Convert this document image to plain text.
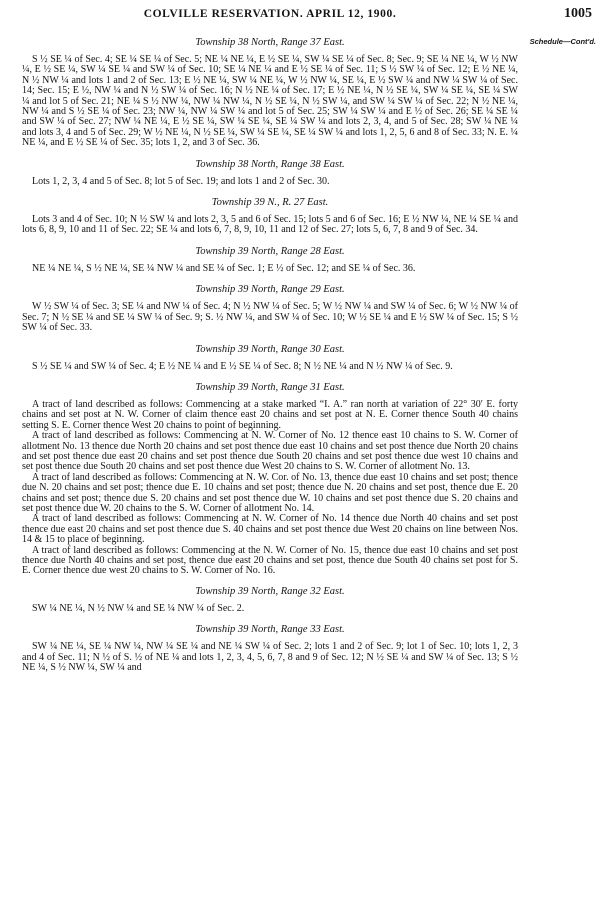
COLVILLE RESERVATION. APRIL 12, 1900.	1005
Schedule—Cont'd.
Township 38 North, Range 37 East.

S ½ SE ¼ of Sec. 4; SE ¼ SE ¼ of Sec. 5; NE ¼ NE ¼, E ½ SE ¼, SW ¼ SE ¼ of Sec. 8; Sec. 9; SE ¼ NE ¼, W ½ NW ¼, E ½ SE ¼, SW ¼ SE ¼ and SW ¼ of Sec. 10; SE ¼ NE ¼ and E ½ SE ¼ of Sec. 11; S ½ SW ¼ of Sec. 12; E ½ NE ¼, N ½ NW ¼ and lots 1 and 2 of Sec. 13; E ½ NE ¼, SW ¼ NE ¼, W ½ NW ¼, SE ¼, E ½ SW ¼ and NW ¼ SW ¼ of Sec. 14; Sec. 15; E ½, NW ¼ and N ½ SW ¼ of Sec. 16; N ½ NE ¼ of Sec. 17; E ½ NE ¼, N ½ SE ¼, SW ¼ SE ¼, SE ¼ SW ¼ and lot 5 of Sec. 21; NE ¼ S ½ NW ¼, NW ¼ NW ¼, N ½ SE ¼, N ½ SW ¼, and SW ¼ SW ¼ of Sec. 22; N ½ NE ¼, NW ¼ and S ½ SE ¼ of Sec. 23; NW ¼, NW ¼ SW ¼ and lot 5 of Sec. 25; SW ¼ SW ¼ and E ½ of Sec. 26; SE ¼ SE ¼ and SW ¼ of Sec. 27; NW ¼ NE ¼, E ½ SE ¼, SW ¼ SE ¼, SE ¼ SW ¼ and lots 2, 3, 4, and 5 of Sec. 28; SW ¼ NE ¼ and lots 3, 4 and 5 of Sec. 29; W ½ NE ¼, N ½ SE ¼, SW ¼ SE ¼, SE ¼ SW ¼ and lots 1, 2, 5, 6 and 8 of Sec. 33; N. E. ¼ NE ¼, and E ½ SE ¼ of Sec. 35; lots 1, 2, and 3 of Sec. 36.

Township 38 North, Range 38 East.

Lots 1, 2, 3, 4 and 5 of Sec. 8; lot 5 of Sec. 19; and lots 1 and 2 of Sec. 30.

Township 39 N., R. 27 East.

Lots 3 and 4 of Sec. 10; N ½ SW ¼ and lots 2, 3, 5 and 6 of Sec. 15; lots 5 and 6 of Sec. 16; E ½ NW ¼, NE ¼ SE ¼ and lots 6, 8, 9, 10 and 11 of Sec. 22; SE ¼ and lots 6, 7, 8, 9, 10, 11 and 12 of Sec. 27; lots 5, 6, 7, 8 and 9 of Sec. 34.

Township 39 North, Range 28 East.

NE ¼ NE ¼, S ½ NE ¼, SE ¼ NW ¼ and SE ¼ of Sec. 1; E ½ of Sec. 12; and SE ¼ of Sec. 36.

Township 39 North, Range 29 East.

W ½ SW ¼ of Sec. 3; SE ¼ and NW ¼ of Sec. 4; N ½ NW ¼ of Sec. 5; W ½ NW ¼ and SW ¼ of Sec. 6; W ½ NW ¼ of Sec. 7; N ½ SE ¼ and SE ¼ SW ¼ of Sec. 9; S. ½ NW ¼, and SW ¼ of Sec. 10; W ½ SE ¼ and E ½ SW ¼ of Sec. 15; S ½ SW ¼ of Sec. 33.

Township 39 North, Range 30 East.

S ½ SE ¼ and SW ¼ of Sec. 4; E ½ NE ¼ and E ½ SE ¼ of Sec. 8; N ½ NE ¼ and N ½ NW ¼ of Sec. 9.

Township 39 North, Range 31 East.

A tract of land described as follows: Commencing at a stake marked “I. A.” ran north at variation of 22° 30′ E. forty chains and set post at N. W. Corner of claim thence east 20 chains and set post at N. E. Corner thence South 40 chains setting S. E. Corner thence West 20 chains to point of beginning.

A tract of land described as follows: Commencing at N. W. Corner of No. 12 thence east 10 chains to S. W. Corner of allotment No. 13 thence due North 20 chains and set post thence due east 10 chains and set post thence due North 20 chains and set post thence due east 20 chains and set post thence due South 20 chains and set post thence due west 10 chains and set post thence due South 20 chains and set post thence due West 20 chains to S. W. Corner of allotment No. 13.

A tract of land described as follows: Commencing at N. W. Cor. of No. 13, thence due east 10 chains and set post; thence due N. 20 chains and set post; thence due E. 10 chains and set post; thence due N. 20 chains and set post, thence due E. 20 chains and set post; thence due S. 20 chains and set post thence due W. 10 chains and set post thence due S. 20 chains and set post thence due W. 20 chains to the S. W. Corner of allotment No. 14.

A tract of land described as follows: Commencing at N. W. Corner of No. 14 thence due North 40 chains and set post thence due east 20 chains and set post thence due S. 40 chains and set post thence due West 20 chains on line between Nos. 14 & 15 to place of beginning.

A tract of land described as follows: Commencing at the N. W. Corner of No. 15, thence due east 10 chains and set post thence due North 40 chains and set post, thence due east 20 chains and set post, thence due South 40 chains set post for S. E. Corner thence due west 20 chains to S. W. Corner of No. 16.

Township 39 North, Range 32 East.

SW ¼ NE ¼, N ½ NW ¼ and SE ¼ NW ¼ of Sec. 2.

Township 39 North, Range 33 East.

SW ¼ NE ¼, SE ¼ NW ¼, NW ¼ SE ¼ and NE ¼ SW ¼ of Sec. 2; lots 1 and 2 of Sec. 9; lot 1 of Sec. 10; lots 1, 2, 3 and 4 of Sec. 11; N ½ of S. ½ of NE ¼ and lots 1, 2, 3, 4, 5, 6, 7, 8 and 9 of Sec. 12; N ½ SE ¼ and SW ¼ of Sec. 13; S ½ NE ¼, S ½ NW ¼, SW ¼ and
